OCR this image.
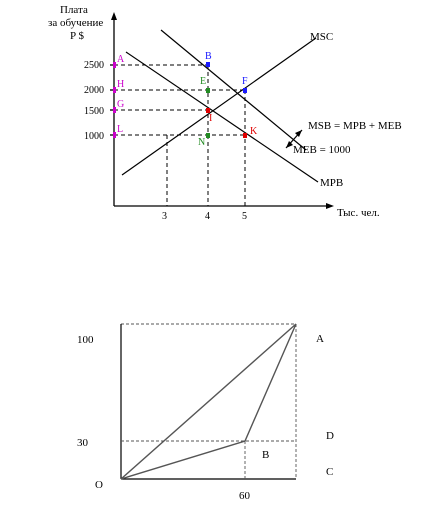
Плата
за обучение
P $
Тыс. чел.
2500
2000
1500
1000
3	4	5
MSC
MSB = MPB + MEB
MEB = 1000
MPB
A
H
G
L
B
F
E
I
N
K
100
30
O
60
A
B
D
C
